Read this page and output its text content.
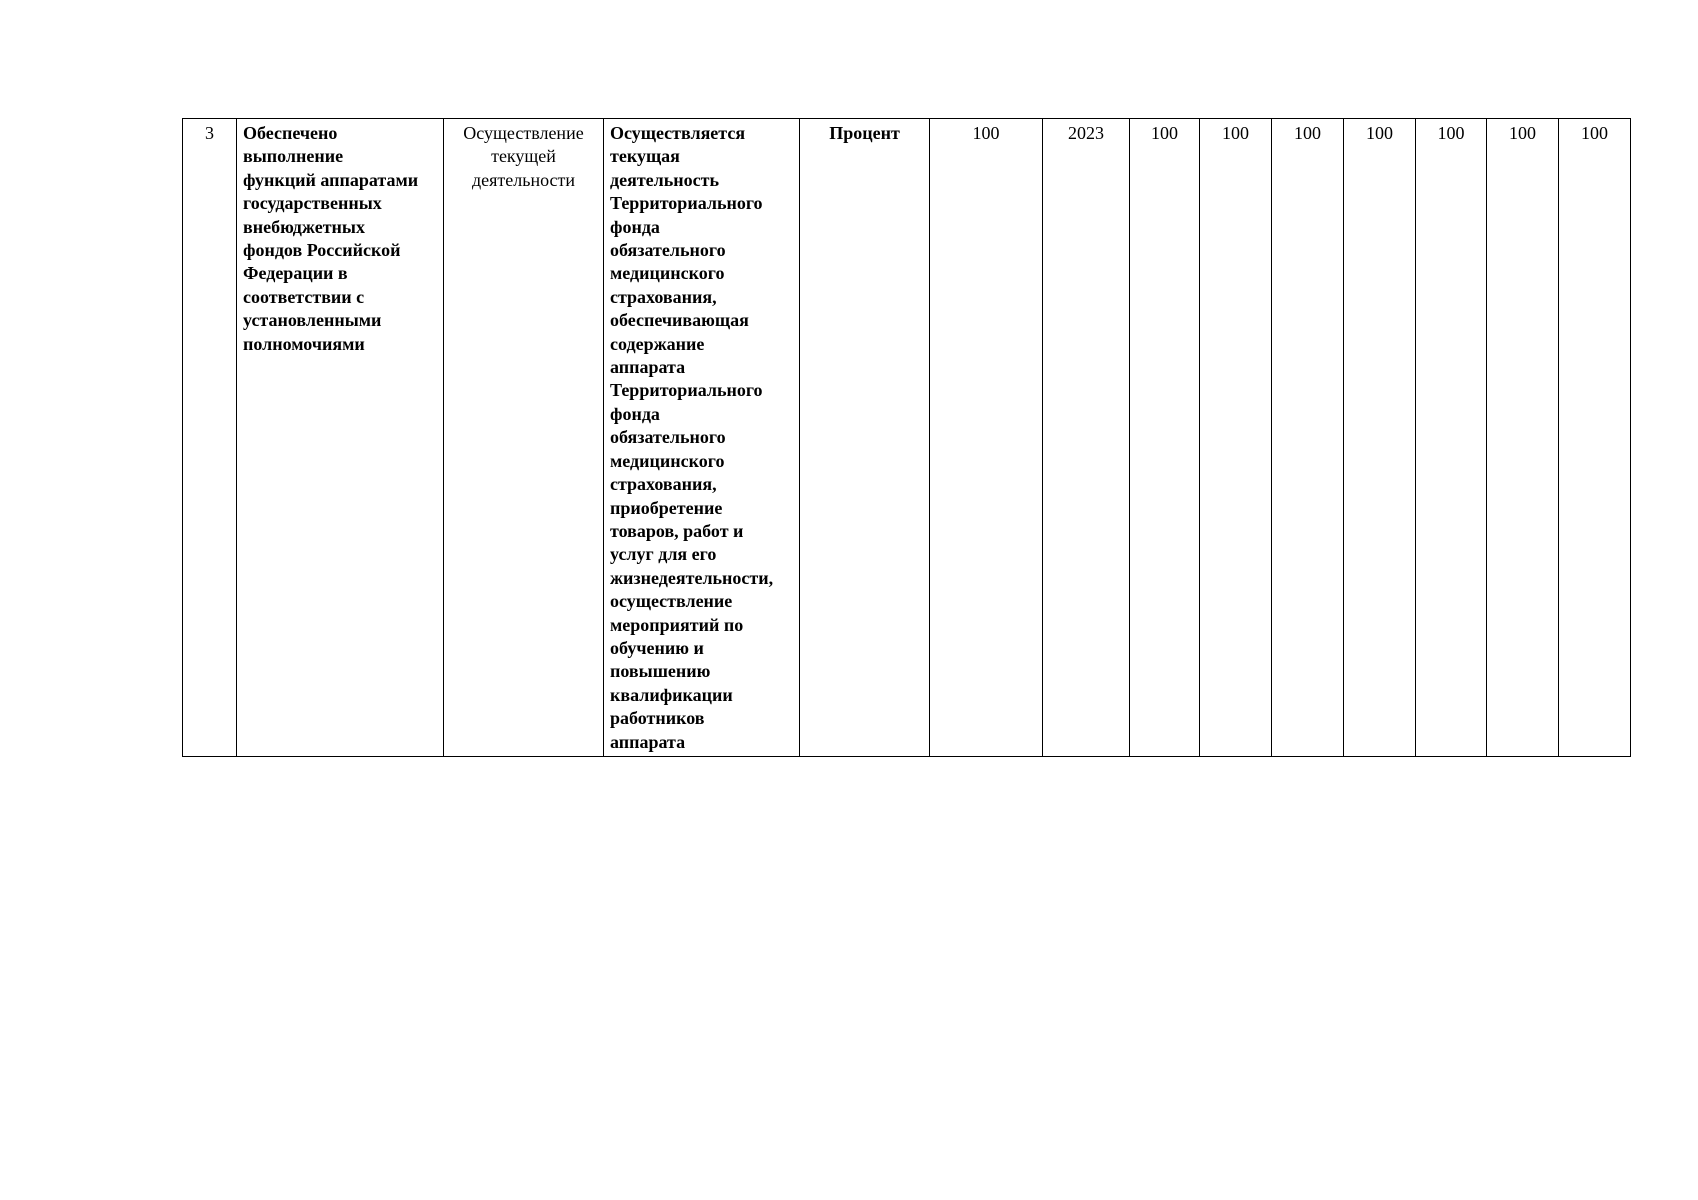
3	Обеспечено
выполнение
функций аппаратами
государственных
внебюджетных
фондов Российской
Федерации в
соответствии с
установленными
полномочиями	Осуществление
текущей
деятельности	Осуществляется
текущая
деятельность
Территориального
фонда
обязательного
медицинского
страхования,
обеспечивающая
содержание
аппарата
Территориального
фонда
обязательного
медицинского
страхования,
приобретение
товаров, работ и
услуг для его
жизнедеятельности,
осуществление
мероприятий по
обучению и
повышению
квалификации
работников
аппарата	Процент	100	2023	100	100	100	100	100	100	100
